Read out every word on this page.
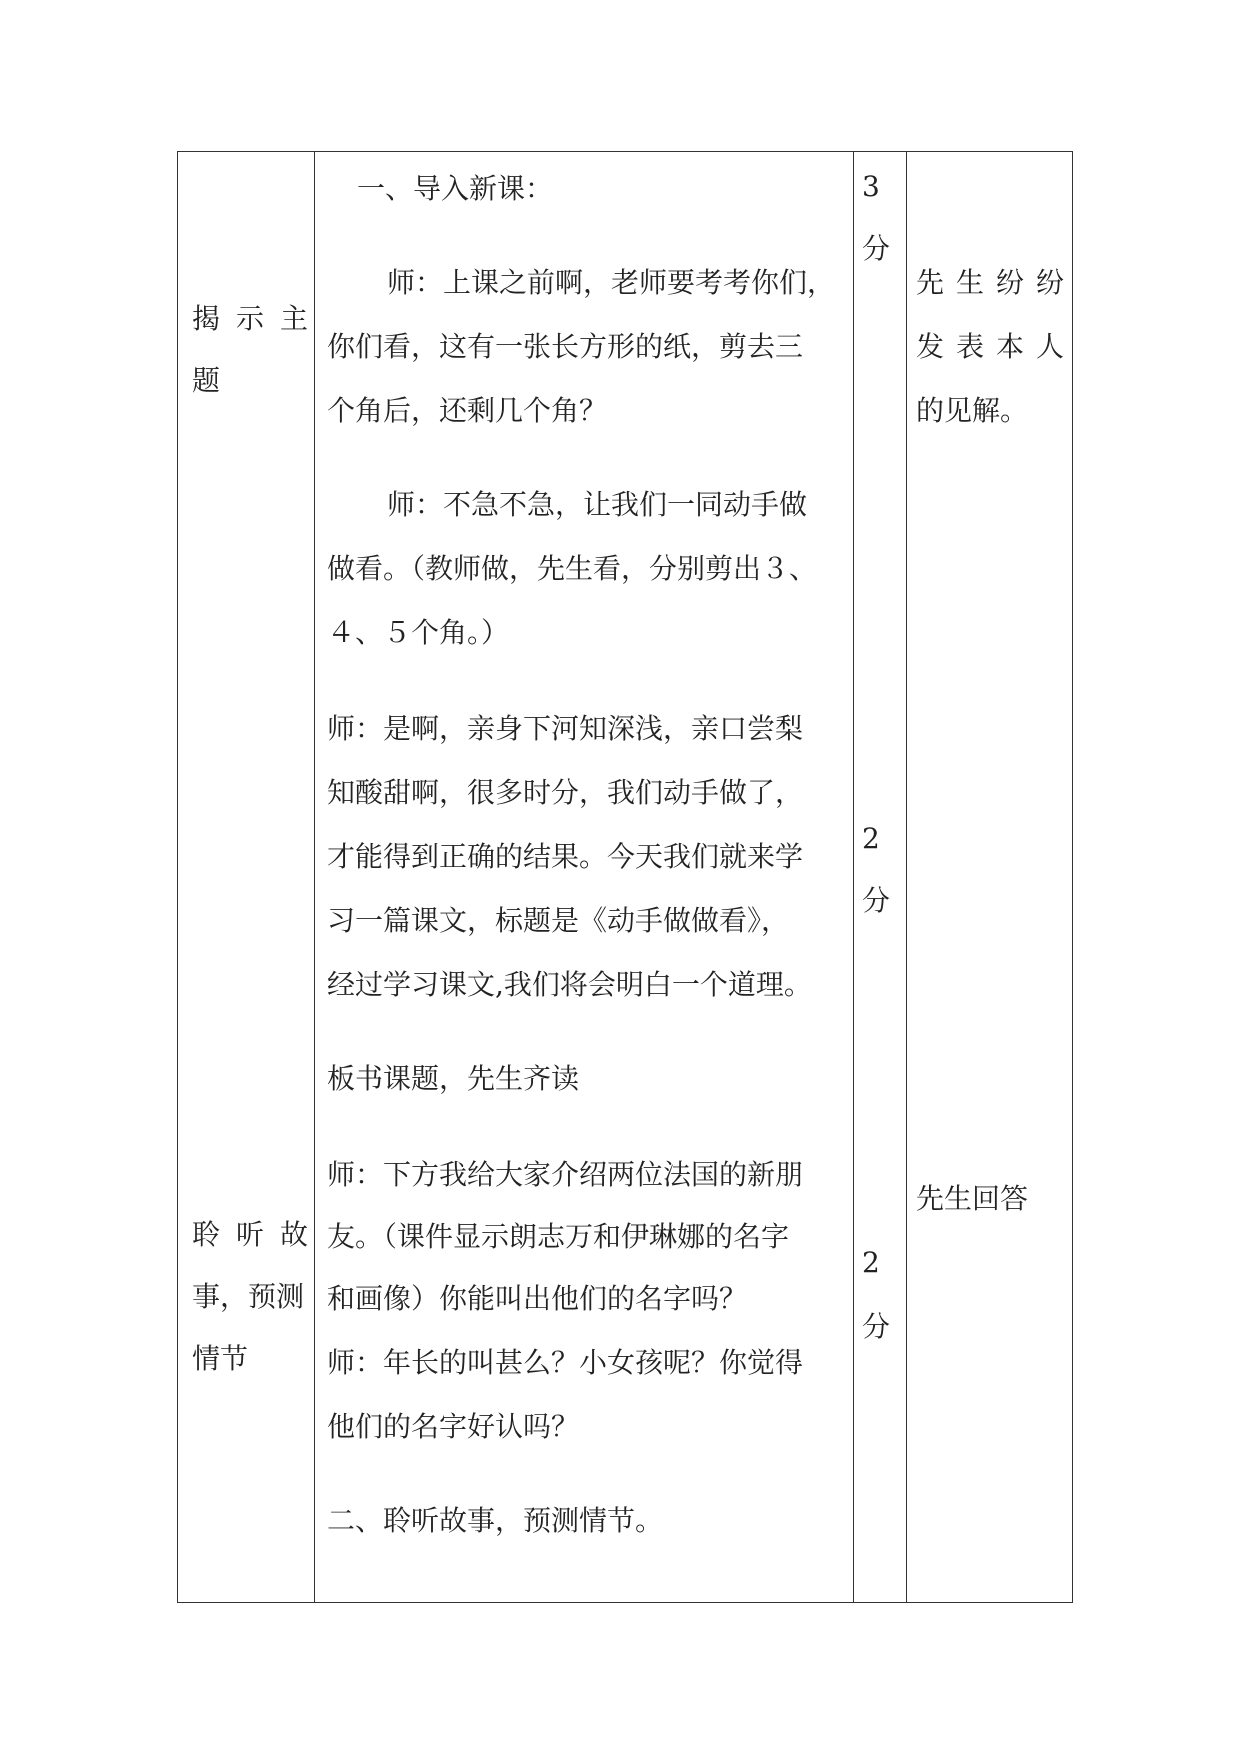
揭示主
题
聆听故
事，预测
情节
一、导入新课：
师：上课之前啊，老师要考考你们，
你们看，这有一张长方形的纸，剪去三
个角后，还剩几个角？
师：不急不急，让我们一同动手做
做看。（教师做，先生看，分别剪出３、
４、５个角。）
师：是啊，亲身下河知深浅，亲口尝梨
知酸甜啊，很多时分，我们动手做了，
才能得到正确的结果。今天我们就来学
习一篇课文，标题是《动手做做看》，
经过学习课文,我们将会明白一个道理。
板书课题，先生齐读
师：下方我给大家介绍两位法国的新朋
友。（课件显示朗志万和伊琳娜的名字
和画像）你能叫出他们的名字吗？
师：年长的叫甚么？小女孩呢？你觉得
他们的名字好认吗？
二、聆听故事，预测情节。
3
分
2
分
2
分
先生纷纷
发表本人
的见解。
先生回答
